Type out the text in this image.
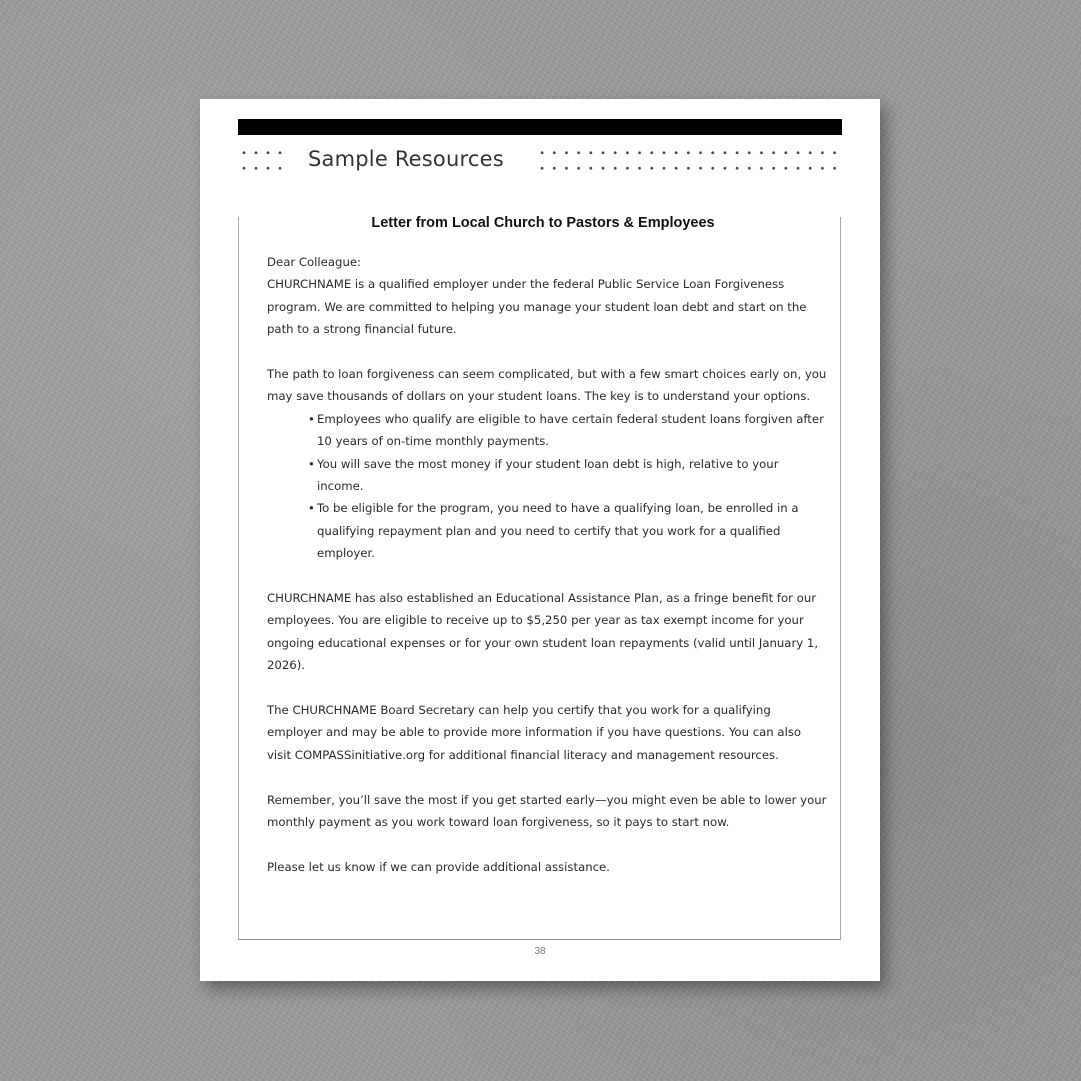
Sample Resources
Letter from Local Church to Pastors & Employees

Dear Colleague:

CHURCHNAME is a qualified employer under the federal Public Service Loan Forgiveness program. We are committed to helping you manage your student loan debt and start on the path to a strong financial future.

The path to loan forgiveness can seem complicated, but with a few smart choices early on, you may save thousands of dollars on your student loans. The key is to understand your options.

• Employees who qualify are eligible to have certain federal student loans forgiven after 10 years of on-time monthly payments.
• You will save the most money if your student loan debt is high, relative to your income.
• To be eligible for the program, you need to have a qualifying loan, be enrolled in a qualifying repayment plan and you need to certify that you work for a qualified employer.

CHURCHNAME has also established an Educational Assistance Plan, as a fringe benefit for our employees. You are eligible to receive up to $5,250 per year as tax exempt income for your ongoing educational expenses or for your own student loan repayments (valid until January 1, 2026).

The CHURCHNAME Board Secretary can help you certify that you work for a qualifying employer and may be able to provide more information if you have questions. You can also visit COMPASSinitiative.org for additional financial literacy and management resources.

Remember, you’ll save the most if you get started early—you might even be able to lower your monthly payment as you work toward loan forgiveness, so it pays to start now.

Please let us know if we can provide additional assistance.

38
